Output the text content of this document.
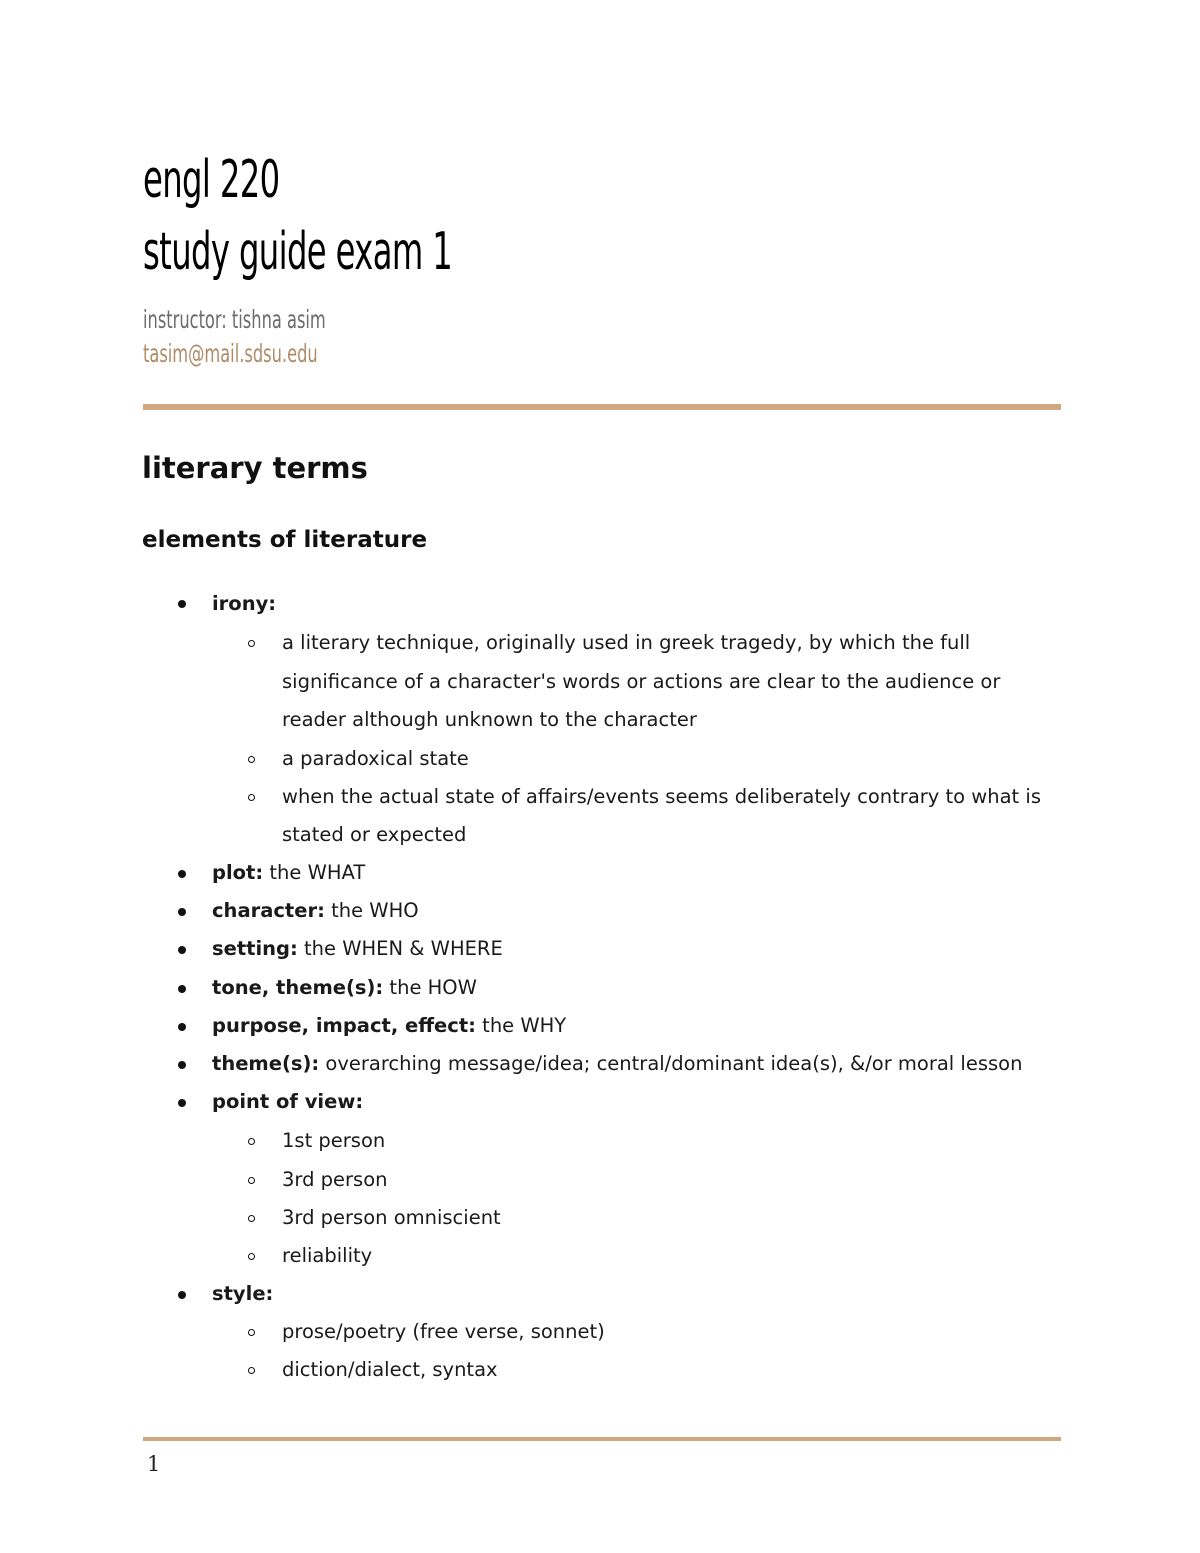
engl 220
study guide exam 1
instructor: tishna asim
tasim@mail.sdsu.edu
literary terms
elements of literature
irony:
a literary technique, originally used in greek tragedy, by which the full
significance of a character's words or actions are clear to the audience or
reader although unknown to the character
a paradoxical state
when the actual state of affairs/events seems deliberately contrary to what is
stated or expected
plot: the WHAT
character: the WHO
setting: the WHEN & WHERE
tone, theme(s): the HOW
purpose, impact, effect: the WHY
theme(s): overarching message/idea; central/dominant idea(s), &/or moral lesson
point of view:
1st person
3rd person
3rd person omniscient
reliability
style:
prose/poetry (free verse, sonnet)
diction/dialect, syntax
1
